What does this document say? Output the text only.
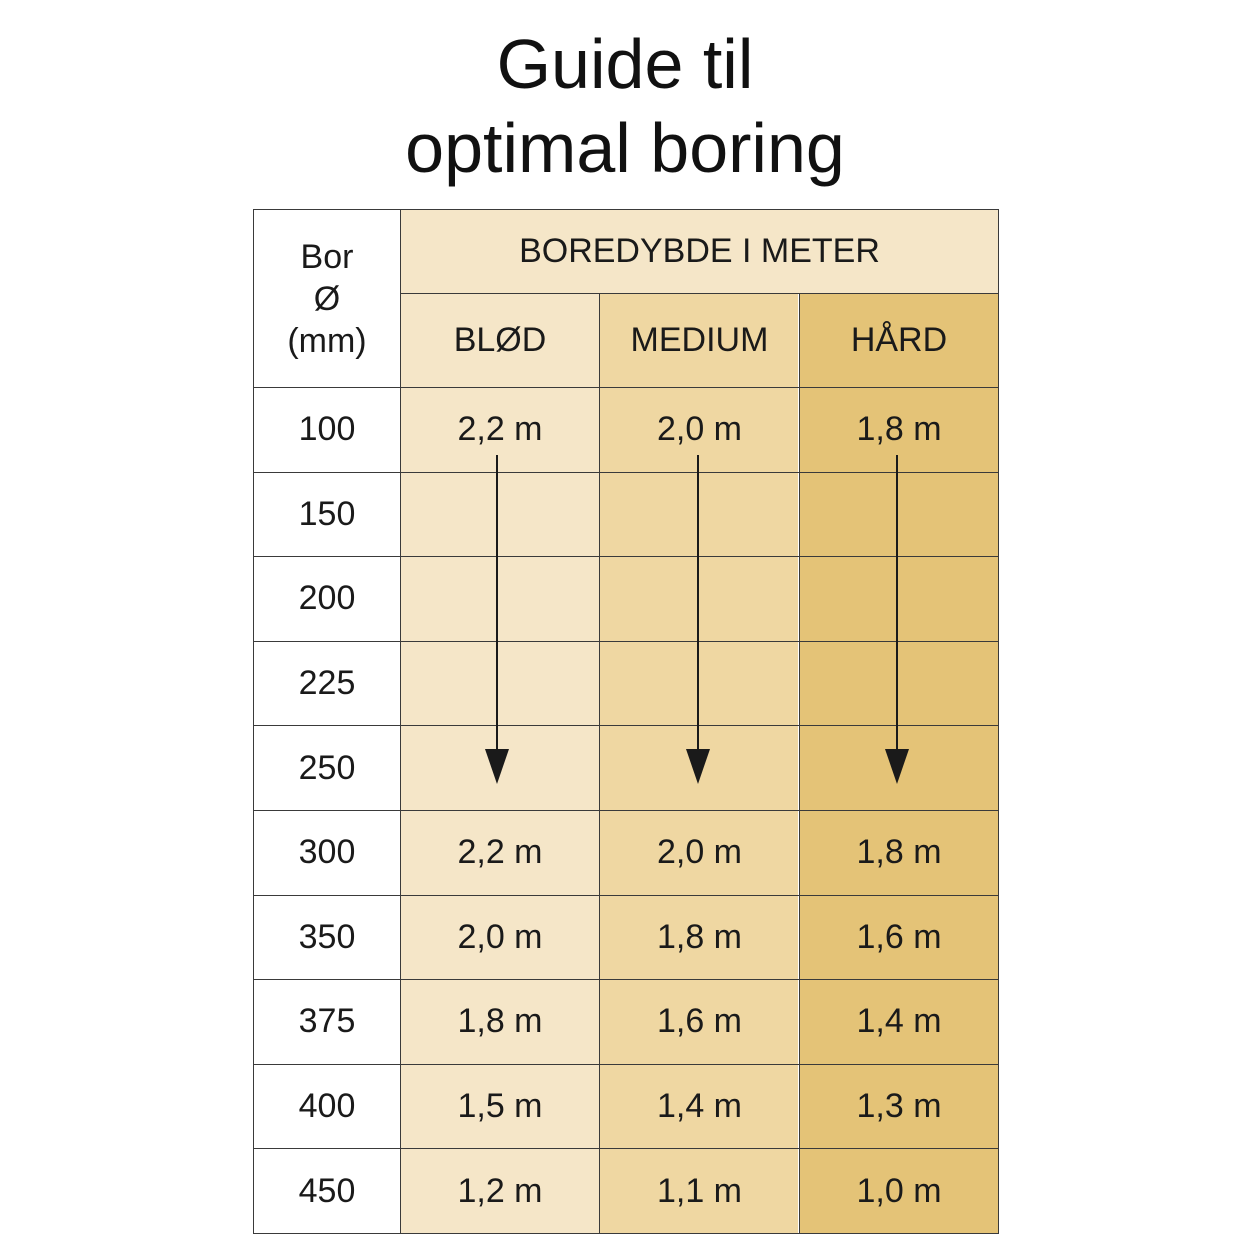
Guide til
optimal boring
Bor
Ø
(mm)	BOREDYBDE I METER		
	BLØD	MEDIUM	HÅRD
100	2,2 m	2,0 m	1,8 m
150			
200			
225			
250			
300	2,2 m	2,0 m	1,8 m
350	2,0 m	1,8 m	1,6 m
375	1,8 m	1,6 m	1,4 m
400	1,5 m	1,4 m	1,3 m
450	1,2 m	1,1 m	1,0 m
